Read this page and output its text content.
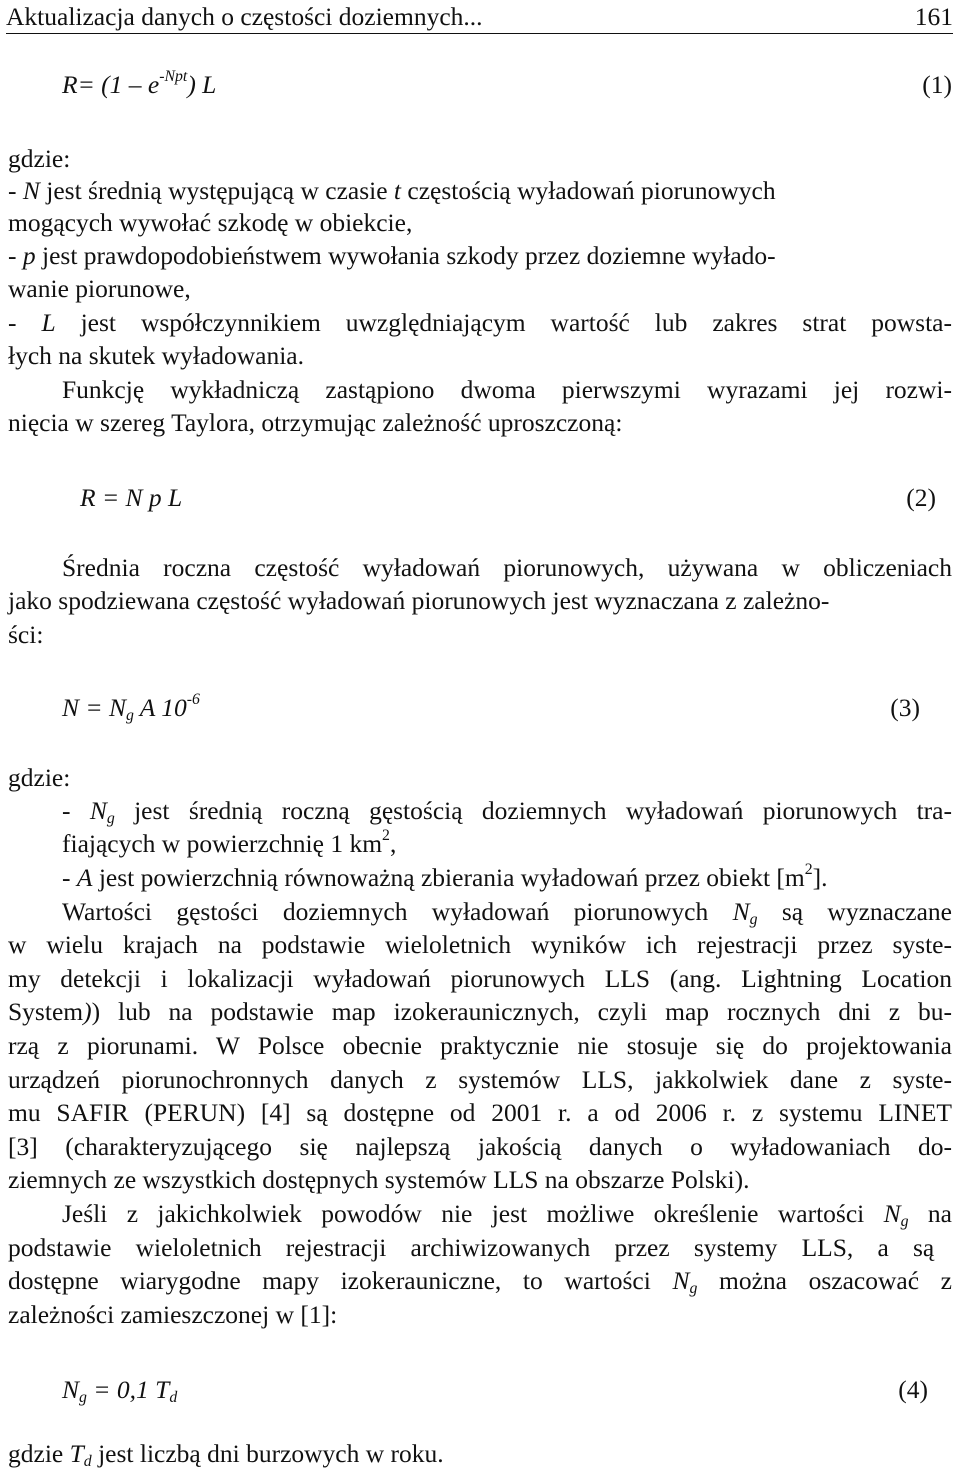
Aktualizacja danych o częstości doziemnych...	161
$R= (1 - e^{-Npt})$ L	(1)
gdzie:
- N jest średnią występującą w czasie t częstością wyładowań piorunowych
mogących wywołać szkodę w obiekcie,
- p jest prawdopodobieństwem wywołania szkody przez doziemne wyłado-
wanie piorunowe,
- L jest współczynnikiem uwzględniającym wartość lub zakres strat powsta-
łych na skutek wyładowania.
Funkcję wykładniczą zastąpiono dwoma pierwszymi wyrazami jej rozwi-
nięcia w szereg Taylora, otrzymując zależność uproszczoną:
R = N p L	(2)
Średnia roczna częstość wyładowań piorunowych, używana w obliczeniach
jako spodziewana częstość wyładowań piorunowych jest wyznaczana z zależno-
ści:
$N = N_g$ A $10^{-6}$	(3)
gdzie:
- $N_g$ jest średnią roczną gęstością doziemnych wyładowań piorunowych tra-
fiających w powierzchnię 1 $km^2$,
- A jest powierzchnią równoważną zbierania wyładowań przez obiekt $[m^2]$.
Wartości gęstości doziemnych wyładowań piorunowych $N_g$ są wyznaczane
w wielu krajach na podstawie wieloletnich wyników ich rejestracji przez syste-
my detekcji i lokalizacji wyładowań piorunowych LLS (ang. Lightning Location
System)) lub na podstawie map izokeraunicznych, czyli map rocznych dni z bu-
rzą z piorunami. W Polsce obecnie praktycznie nie stosuje się do projektowania
urządzeń piorunochronnych danych z systemów LLS, jakkolwiek dane z syste-
mu SAFIR (PERUN) [4] są dostępne od 2001 r. a od 2006 r. z systemu LINET
[3] (charakteryzującego się najlepszą jakością danych o wyładowaniach do-
ziemnych ze wszystkich dostępnych systemów LLS na obszarze Polski).
Jeśli z jakichkolwiek powodów nie jest możliwe określenie wartości $N_g$ na
podstawie wieloletnich rejestracji archiwizowanych przez systemy LLS, a są
dostępne wiarygodne mapy izokerauniczne, to wartości $N_g$ można oszacować z
zależności zamieszczonej w [1]:
$N_g = 0,1$ $T_d$	(4)
gdzie $T_d$ jest liczbą dni burzowych w roku.
